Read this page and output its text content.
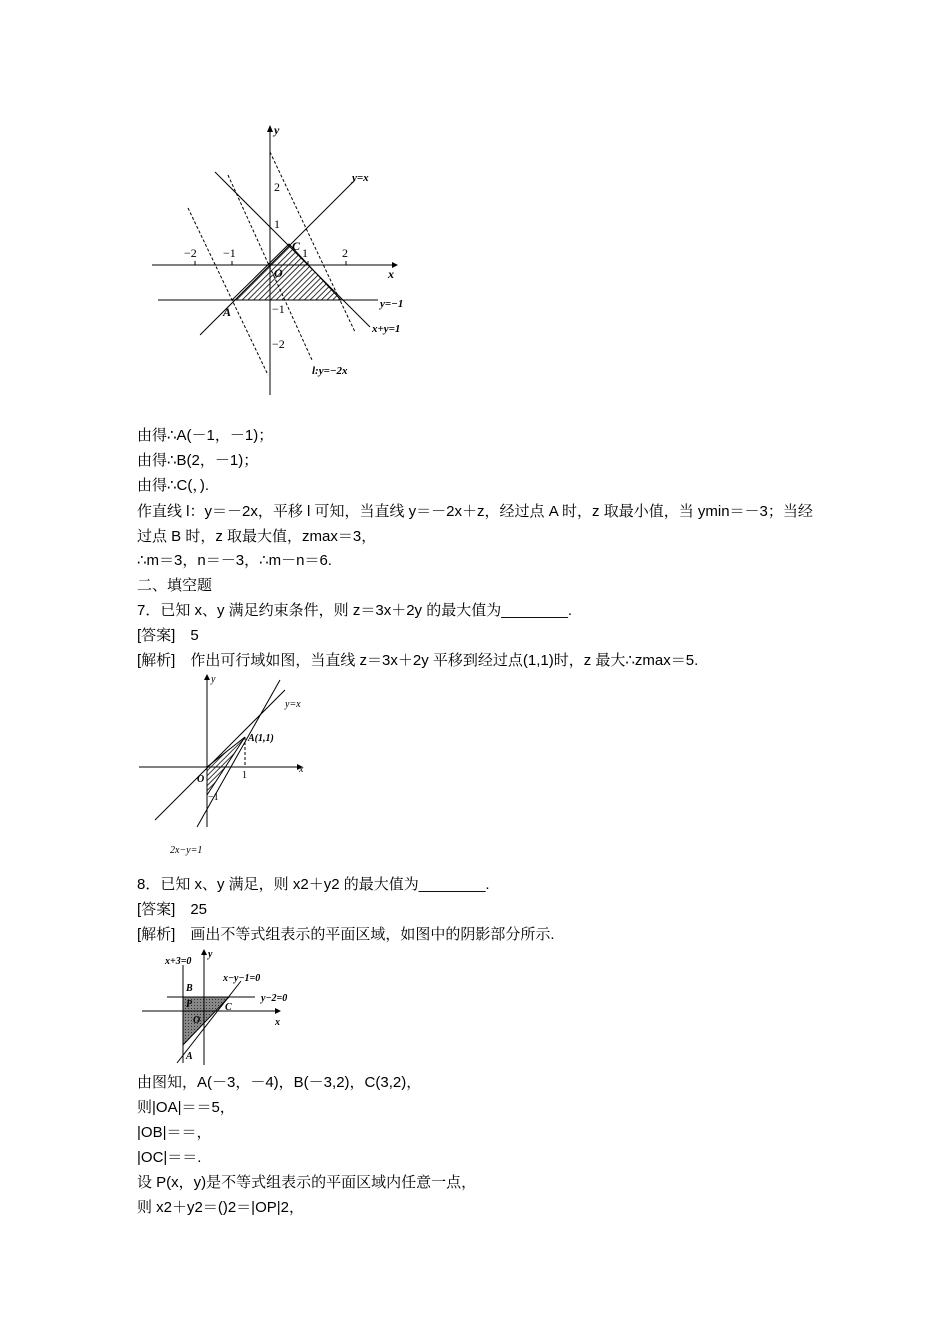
y
x
2
1
−1
−2
−2 −1	1	2
O
C
A
y=x
y=−1
x+y=1
l:y=−2x
由得∴A(－1，－1)；
由得∴B(2，－1)；
由得∴C(，).
作直线 l：y＝－2x，平移 l 可知，当直线 y＝－2x＋z，经过点 A 时，z 取最小值，当 ymin＝－3；当经过点 B 时，z 取最大值，zmax＝3，
∴m＝3，n＝－3，∴m－n＝6.
二、填空题
7．已知 x、y 满足约束条件，则 z＝3x＋2y 的最大值为________.
[答案]　5
[解析]　作出可行域如图，当直线 z＝3x＋2y 平移到经过点(1,1)时，z 最大∴zmax＝5.
y
x
y=x
A(1,1)
O	1
−1
2x−y=1
8．已知 x、y 满足，则 x2＋y2 的最大值为________.
[答案]　25
[解析]　画出不等式组表示的平面区域，如图中的阴影部分所示.
x+3=0
y
x−y−1=0
y−2=0
x
B
P	C
O
A
由图知，A(－3，－4)，B(－3,2)，C(3,2)，
则|OA|＝＝5，
|OB|＝＝，
|OC|＝＝.
设 P(x，y)是不等式组表示的平面区域内任意一点，
则 x2＋y2＝()2＝|OP|2，
